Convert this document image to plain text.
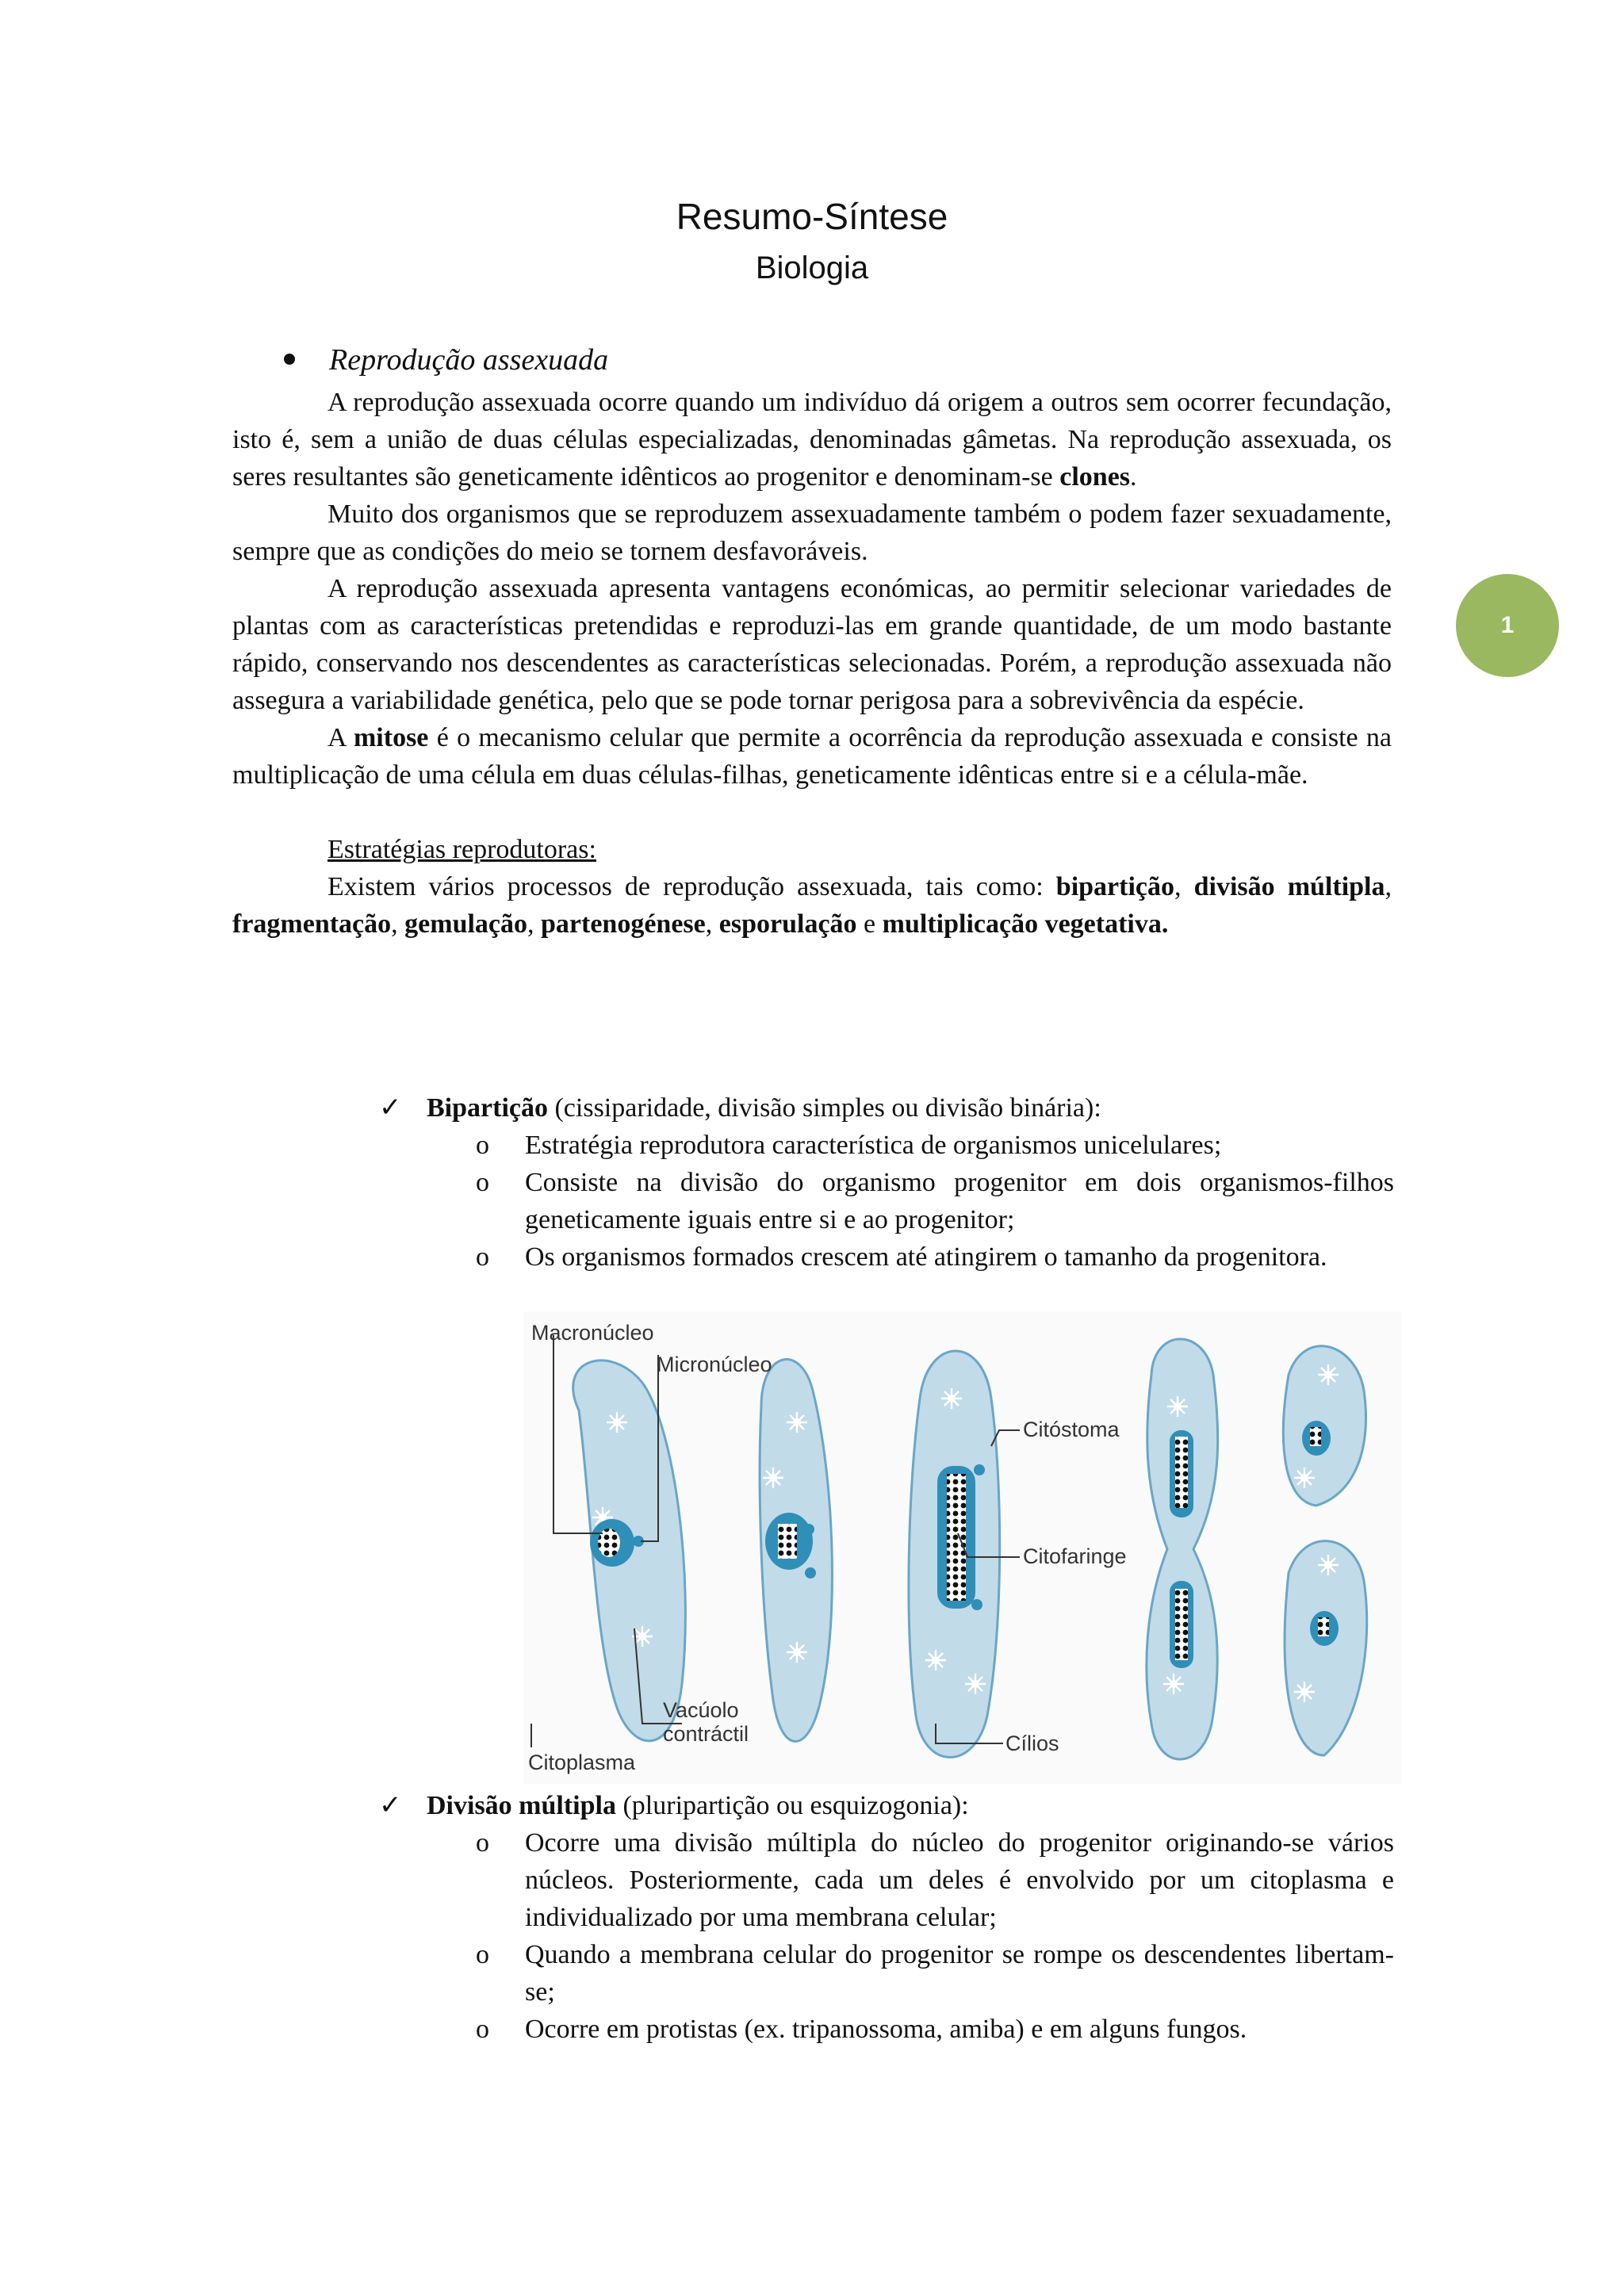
Resumo-Síntese
Biologia
1
Reprodução assexuada

A reprodução assexuada ocorre quando um indivíduo dá origem a outros sem ocorrer fecundação, isto é, sem a união de duas células especializadas, denominadas gâmetas. Na reprodução assexuada, os seres resultantes são geneticamente idênticos ao progenitor e denominam-se clones.

Muito dos organismos que se reproduzem assexuadamente também o podem fazer sexuadamente, sempre que as condições do meio se tornem desfavoráveis.

A reprodução assexuada apresenta vantagens económicas, ao permitir selecionar variedades de plantas com as características pretendidas e reproduzi-las em grande quantidade, de um modo bastante rápido, conservando nos descendentes as características selecionadas. Porém, a reprodução assexuada não assegura a variabilidade genética, pelo que se pode tornar perigosa para a sobrevivência da espécie.

A mitose é o mecanismo celular que permite a ocorrência da reprodução assexuada e consiste na multiplicação de uma célula em duas células-filhas, geneticamente idênticas entre si e a célula-mãe.

Estratégias reprodutoras:

Existem vários processos de reprodução assexuada, tais como: bipartição, divisão múltipla, fragmentação, gemulação, partenogénese, esporulação e multiplicação vegetativa.

✓ Bipartição (cissiparidade, divisão simples ou divisão binária):
o Estratégia reprodutora característica de organismos unicelulares;
o Consiste na divisão do organismo progenitor em dois organismos-filhos geneticamente iguais entre si e ao progenitor;
o Os organismos formados crescem até atingirem o tamanho da progenitora.
Macronúcleo
Micronúcleo
Citóstoma
Citofaringe
Vacúolo
contráctil
Citoplasma
Cílios
✓ Divisão múltipla (pluripartição ou esquizogonia):
o Ocorre uma divisão múltipla do núcleo do progenitor originando-se vários núcleos. Posteriormente, cada um deles é envolvido por um citoplasma e individualizado por uma membrana celular;
o Quando a membrana celular do progenitor se rompe os descendentes libertam-se;
o Ocorre em protistas (ex. tripanossoma, amiba) e em alguns fungos.
